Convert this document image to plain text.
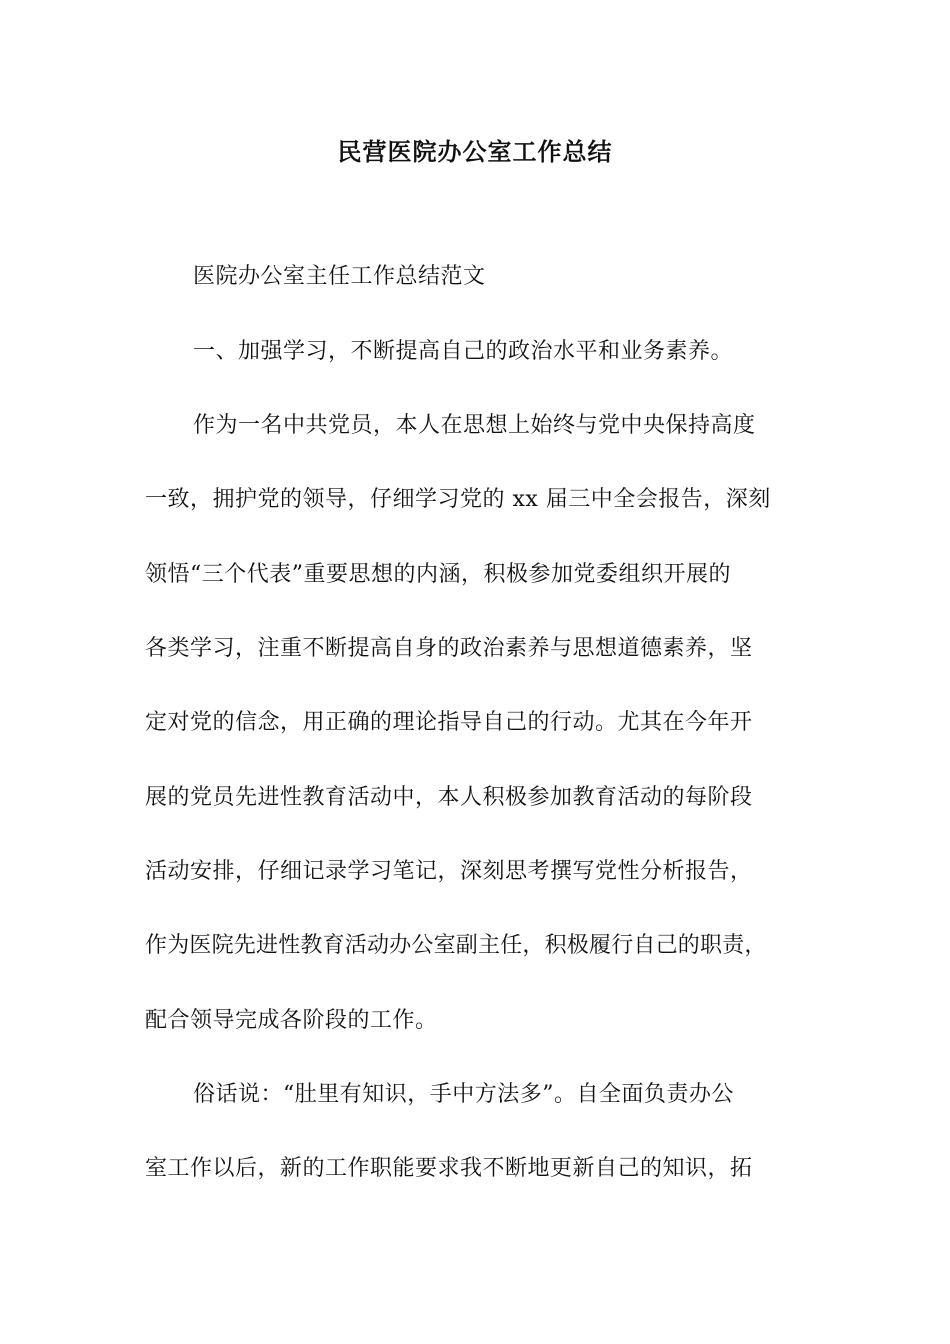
民营医院办公室工作总结
医院办公室主任工作总结范文
一、加强学习，不断提高自己的政治水平和业务素养。
作为一名中共党员，本人在思想上始终与党中央保持高度
一致，拥护党的领导，仔细学习党的 xx 届三中全会报告，深刻
领悟“三个代表”重要思想的内涵，积极参加党委组织开展的
各类学习，注重不断提高自身的政治素养与思想道德素养，坚
定对党的信念，用正确的理论指导自己的行动。尤其在今年开
展的党员先进性教育活动中，本人积极参加教育活动的每阶段
活动安排，仔细记录学习笔记，深刻思考撰写党性分析报告，
作为医院先进性教育活动办公室副主任，积极履行自己的职责，
配合领导完成各阶段的工作。
俗话说：“肚里有知识，手中方法多”。自全面负责办公
室工作以后，新的工作职能要求我不断地更新自己的知识，拓
